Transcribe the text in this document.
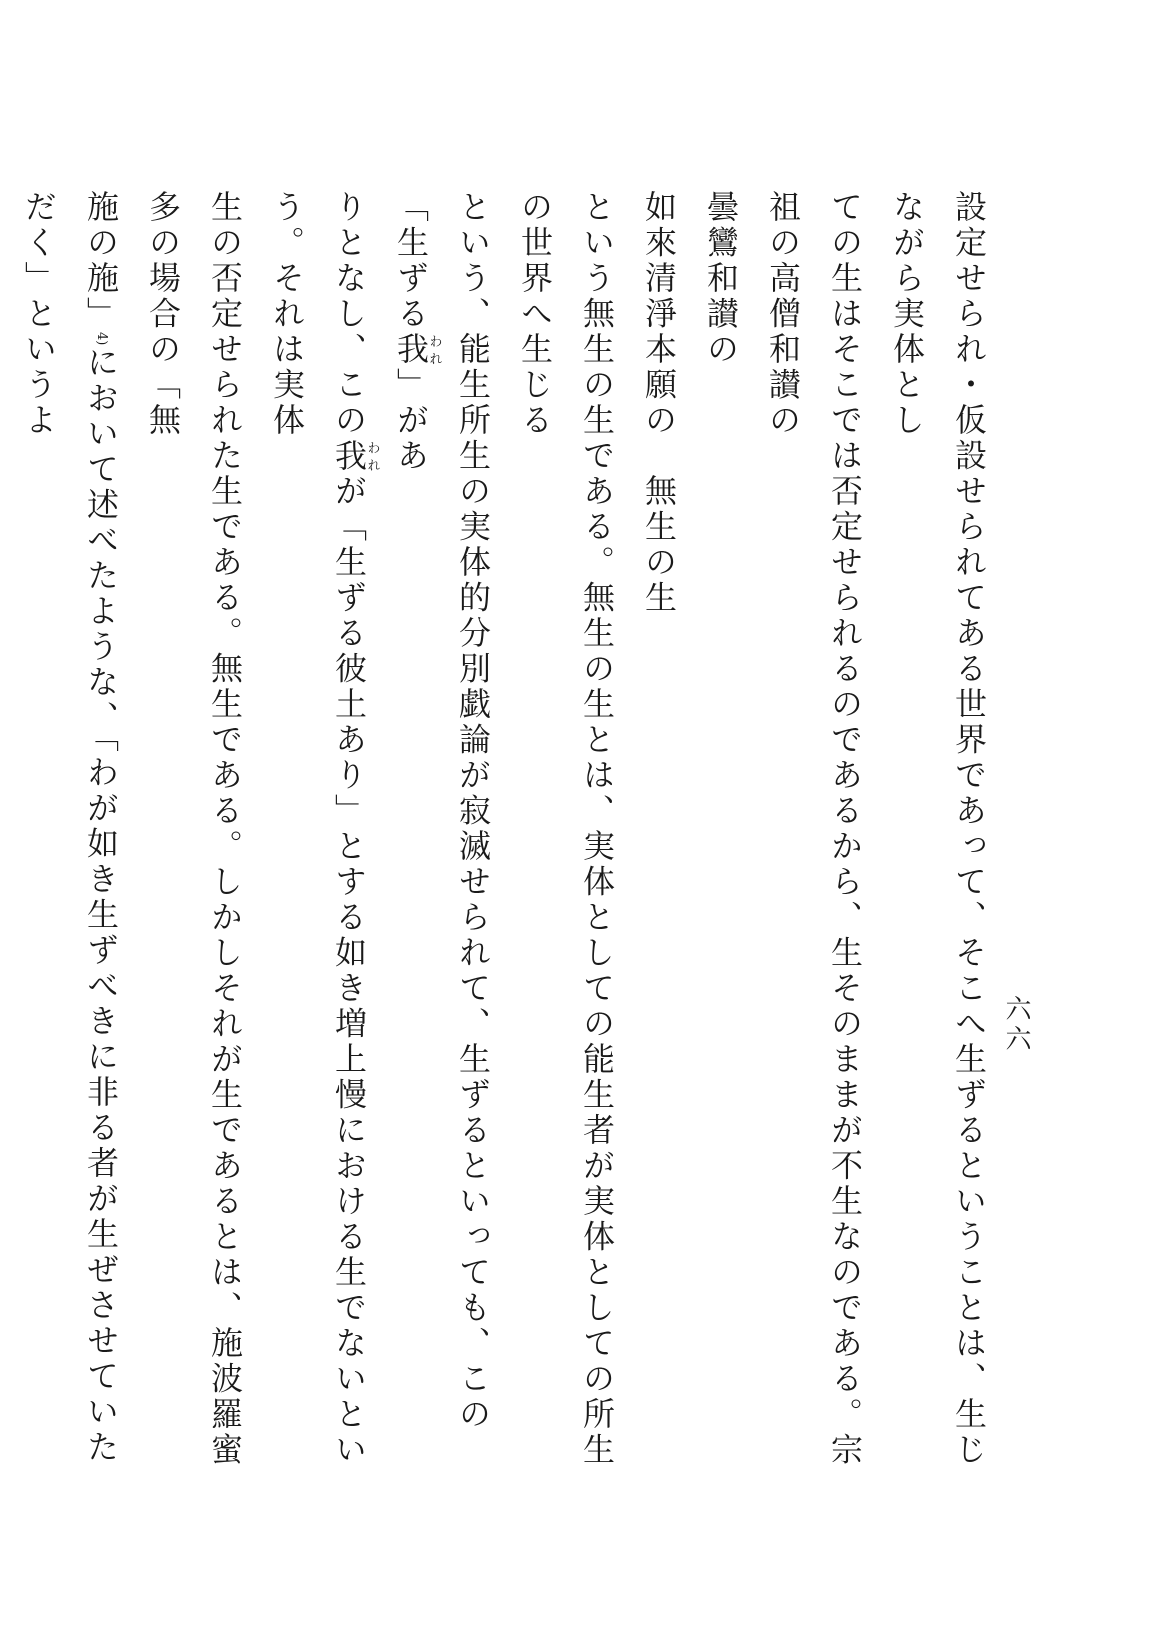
六六

設定せられ・仮設せられてある世界であって、そこへ生ずるということは、生じながら実体とし

ての生はそこでは否定せられるのであるから、生そのままが不生なのである。宗祖の高僧和讃の

曇鸞和讃の

如來清淨本願の　無生の生

という無生の生である。無生の生とは、実体としての能生者が実体としての所生の世界へ生じる

という、能生所生の実体的分別戯論が寂滅せられて、生ずるといっても、この「生ずる我われ」があ

りとなし、この我われが「生ずる彼土あり」とする如き増上慢における生でないという。それは実体

生の否定せられた生である。無生である。しかしそれが生であるとは、施波羅蜜多の場合の「無

施の施」4)において述べたような、「わが如き生ずべきに非る者が生ぜさせていただく」というよ
